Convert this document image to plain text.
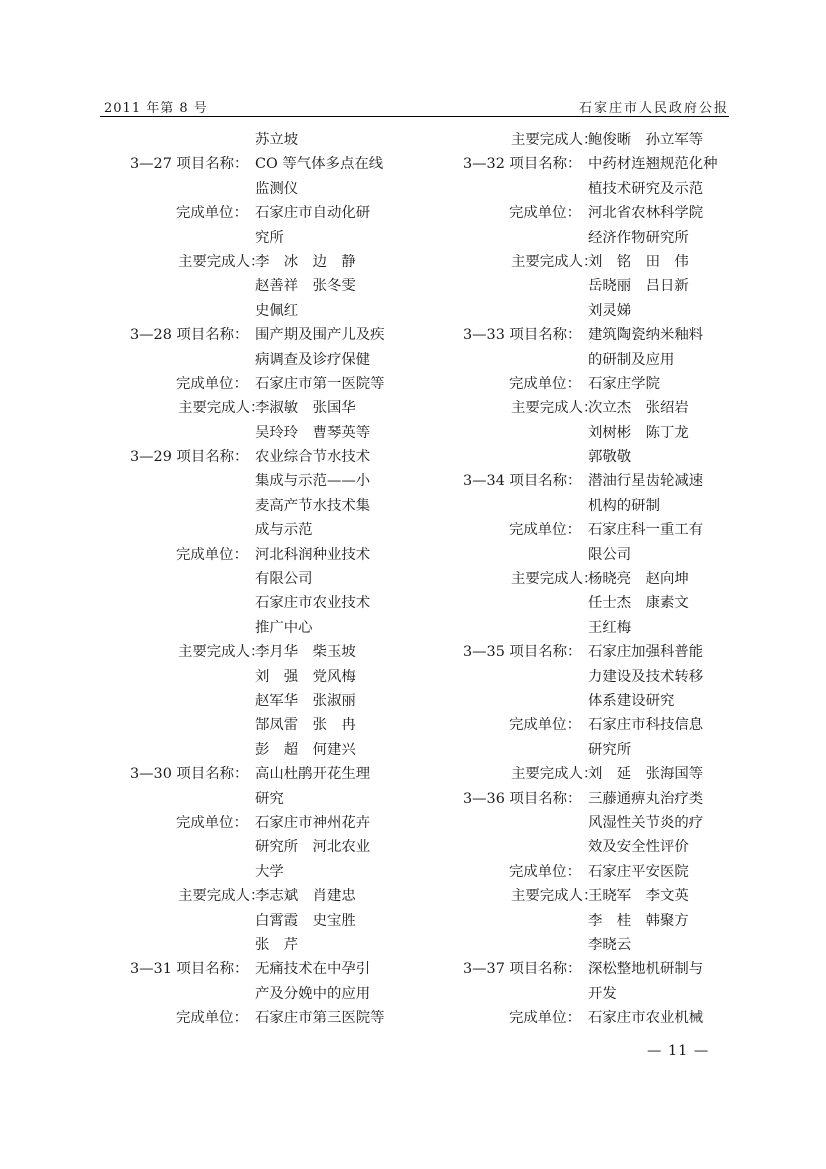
2011 年第 8 号	石家庄市人民政府公报
苏立坡
3—27 项目名称： CO 等气体多点在线
监测仪
完成单位： 石家庄市自动化研
究所
主要完成人：
李　冰　边　静
赵善祥　张冬雯
史佩红
3—28 项目名称： 围产期及围产儿及疾
病调查及诊疗保健
完成单位： 石家庄市第一医院等
主要完成人：
李淑敏　张国华
吴玲玲　曹琴英等
3—29 项目名称： 农业综合节水技术
集成与示范——小
麦高产节水技术集
成与示范
完成单位： 河北科润种业技术
有限公司
石家庄市农业技术
推广中心
主要完成人：
李月华　柴玉坡
刘　强　党风梅
赵军华　张淑丽
郜凤雷　张　冉
彭　超　何建兴
3—30 项目名称： 高山杜鹃开花生理
研究
完成单位： 石家庄市神州花卉
研究所　河北农业
大学
主要完成人：
李志斌　肖建忠
白霄霞　史宝胜
张　芹
3—31 项目名称： 无痛技术在中孕引
产及分娩中的应用
完成单位： 石家庄市第三医院等
主要完成人：
鲍俊晰　孙立军等
3—32 项目名称： 中药材连翘规范化种
植技术研究及示范
完成单位： 河北省农林科学院
经济作物研究所
主要完成人：
刘　铭　田　伟
岳晓丽　吕日新
刘灵娣
3—33 项目名称： 建筑陶瓷纳米釉料
的研制及应用
完成单位： 石家庄学院
主要完成人：
次立杰　张绍岩
刘树彬　陈丁龙
郭敬敬
3—34 项目名称： 潜油行星齿轮减速
机构的研制
完成单位： 石家庄科一重工有
限公司
主要完成人：
杨晓亮　赵向坤
任士杰　康素文
王红梅
3—35 项目名称： 石家庄加强科普能
力建设及技术转移
体系建设研究
完成单位： 石家庄市科技信息
研究所
主要完成人：
刘　延　张海国等
3—36 项目名称： 三藤通痹丸治疗类
风湿性关节炎的疗
效及安全性评价
完成单位： 石家庄平安医院
主要完成人：
王晓军　李文英
李　桂　韩聚方
李晓云
3—37 项目名称： 深松整地机研制与
开发
完成单位： 石家庄市农业机械
— 11 —
